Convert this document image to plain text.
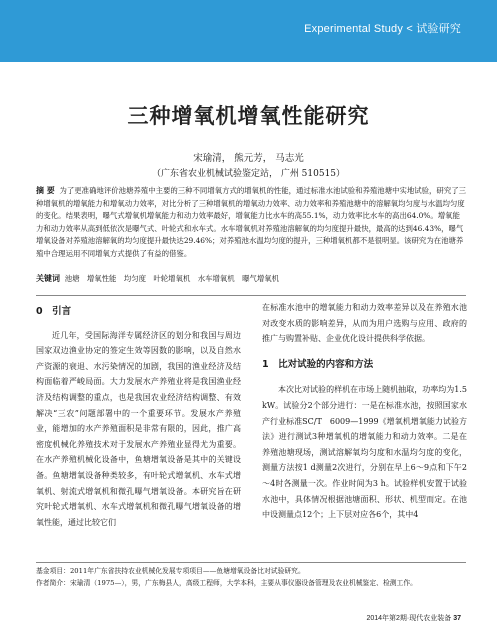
Experimental Study < 试验研究
三种增氧机增氧性能研究
宋瑜清， 熊元芳， 马志光
（广东省农业机械试验鉴定站， 广州 510515）
摘 要 为了更准确地评价池塘养殖中主要的三种不同增氧方式的增氧机的性能，通过标准水池试验和养殖池塘中实地试验，研究了三种增氧机的增氧能力和增氧动力效率，对比分析了三种增氧机的增氧动力效率、动力效率和养殖池塘中的溶解氧均匀度与水温均匀度的变化。结果表明，曝气式增氧机增氧能力和动力效率最好，增氧能力比水车的高55.1%，动力效率比水车的高出64.0%。增氧能力和动力效率从高到低依次是曝气式、叶轮式和水车式。水车增氧机对养殖池溶解氧的均匀度提升最快，最高的达到46.43%，曝气增氧设备对养殖池溶解氧的均匀度提升最快达29.46%；对养殖池水温均匀度的提升，三种增氧机都不是很明显。该研究为在池塘养殖中合理运用不同增氧方式提供了有益的借鉴。
关键词 池塘　增氧性能　均匀度　叶轮增氧机　水车增氧机　曝气增氧机
0　引言

近几年，受国际海洋专属经济区的划分和我国与周边国家双边渔业协定的签定生效等因数的影响，以及自然水产资源的衰退、水污染情况的加剧，我国的渔业经济及结构面临着严峻局面。大力发展水产养殖业将是我国渔业经济及结构调整的重点，也是我国农业经济结构调整、有效解决“三农”问题部署中的一个重要环节。发展水产养殖业，能增加的水产养殖面积是非常有限的，因此，推广高密度机械化养殖技术对于发展水产养殖业显得尤为重要。在水产养殖机械化设备中，鱼塘增氧设备是其中的关键设备。鱼塘增氧设备种类较多，有叶轮式增氧机、水车式增氧机、射流式增氧机和微孔曝气增氧设备。本研究旨在研究叶轮式增氧机、水车式增氧机和微孔曝气增氧设备的增氧性能，通过比较它们

在标准水池中的增氧能力和动力效率差异以及在养殖水池对改变水质的影响差异，从而为用户选购与应用、政府的推广与购置补贴、企业优化设计提供科学依据。

1　比对试验的内容和方法

本次比对试验的样机在市场上随机抽取，功率均为1.5 kW。试验分2个部分进行：一是在标准水池，按照国家水产行业标准SC/T　6009—1999《增氧机增氧能力试验方法》进行测试3种增氧机的增氧能力和动力效率。二是在养殖池塘现场，测试溶解氧均匀度和水温均匀度的变化，测量方法按1 d测量2次进行，分别在早上6～9点和下午2～4时各测量一次。作业时间为3 h。试验样机安置于试验水池中，具体情况根据池塘面积、形状、机型而定。在池中设测量点12个；上下层对应各6个，其中4

基金项目：2011年广东省扶持农业机械化发展专项项目——鱼塘增氧设备比对试验研究。
作者简介：宋瑜清（1975—），男，广东梅县人，高级工程师，大学本科，主要从事仪器设备管理及农业机械鉴定、检测工作。
2014年第2期·现代农业装备 37
